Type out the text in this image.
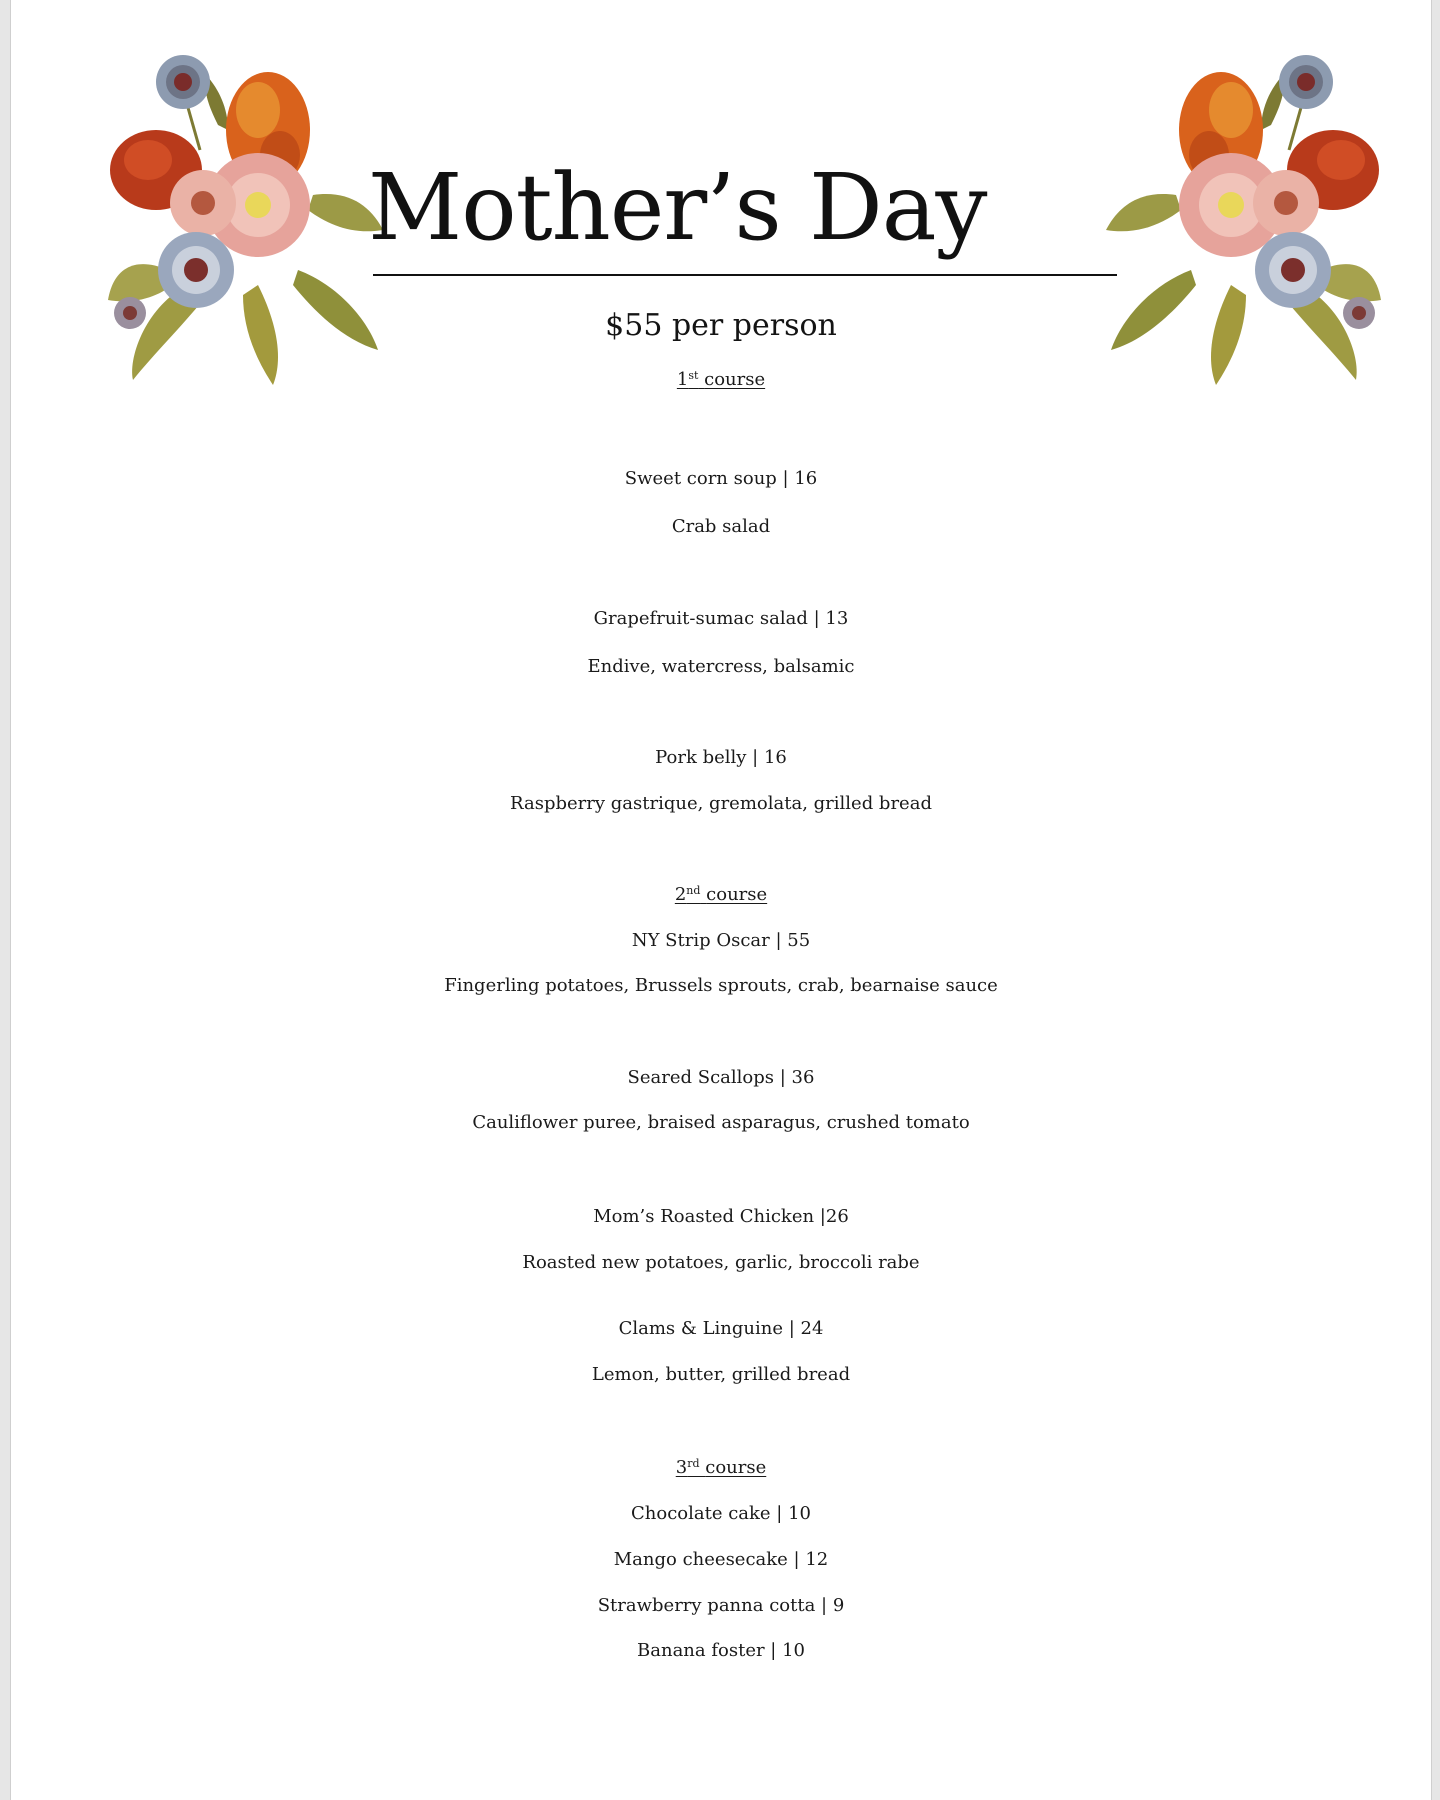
Mother’s Day
$55 per person
1st course
Sweet corn soup | 16
Crab salad
Grapefruit-sumac salad | 13
Endive, watercress, balsamic
Pork belly | 16
Raspberry gastrique, gremolata, grilled bread
2nd course
NY Strip Oscar | 55
Fingerling potatoes, Brussels sprouts, crab, bearnaise sauce
Seared Scallops | 36
Cauliflower puree, braised asparagus, crushed tomato
Mom’s Roasted Chicken |26
Roasted new potatoes, garlic, broccoli rabe
Clams & Linguine | 24
Lemon, butter, grilled bread
3rd course
Chocolate cake | 10
Mango cheesecake | 12
Strawberry panna cotta | 9
Banana foster | 10
